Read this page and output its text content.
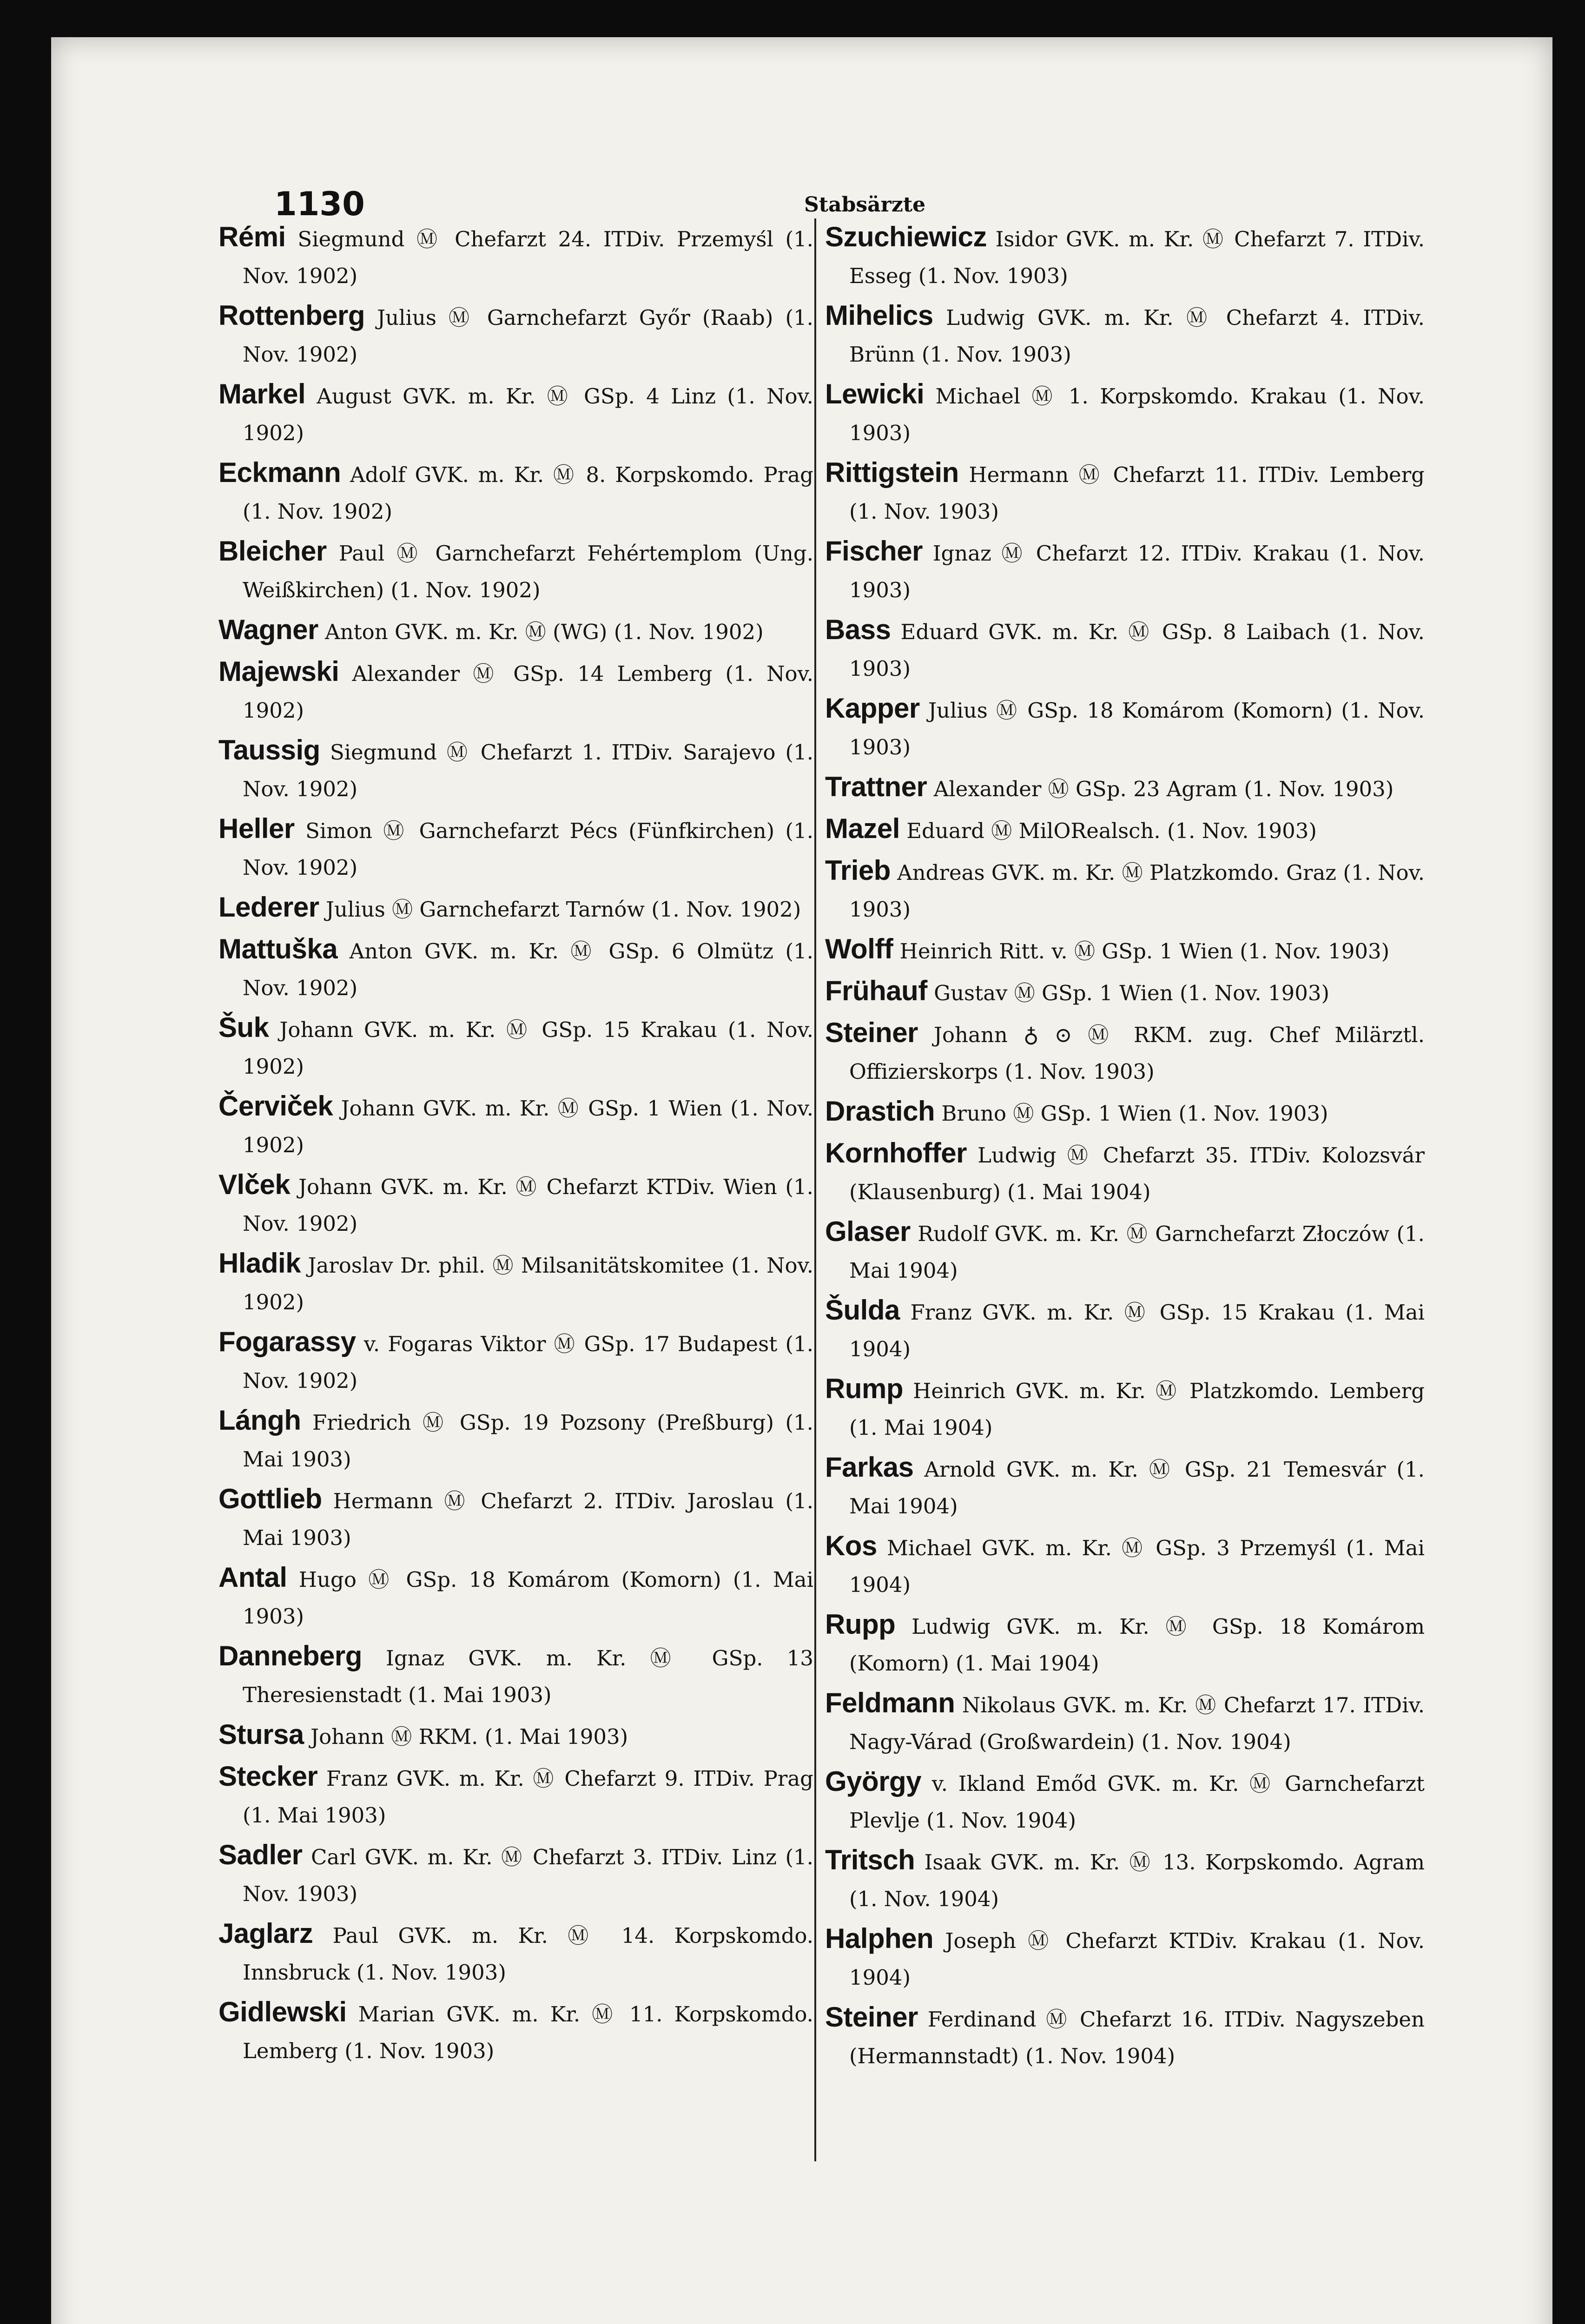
1130	Stabsärzte

Rémi Siegmund Ⓜ Chefarzt 24. ITDiv. Przemyśl (1. Nov. 1902)

Rottenberg Julius Ⓜ Garnchefarzt Győr (Raab) (1. Nov. 1902)

Markel August GVK. m. Kr. Ⓜ GSp. 4 Linz (1. Nov. 1902)

Eckmann Adolf GVK. m. Kr. Ⓜ 8. Korpskomdo. Prag (1. Nov. 1902)

Bleicher Paul Ⓜ Garnchefarzt Fehértemplom (Ung. Weißkirchen) (1. Nov. 1902)

Wagner Anton GVK. m. Kr. Ⓜ (WG) (1. Nov. 1902)

Majewski Alexander Ⓜ GSp. 14 Lemberg (1. Nov. 1902)

Taussig Siegmund Ⓜ Chefarzt 1. ITDiv. Sarajevo (1. Nov. 1902)

Heller Simon Ⓜ Garnchefarzt Pécs (Fünfkirchen) (1. Nov. 1902)

Lederer Julius Ⓜ Garnchefarzt Tarnów (1. Nov. 1902)

Mattuška Anton GVK. m. Kr. Ⓜ GSp. 6 Olmütz (1. Nov. 1902)

Šuk Johann GVK. m. Kr. Ⓜ GSp. 15 Krakau (1. Nov. 1902)

Červiček Johann GVK. m. Kr. Ⓜ GSp. 1 Wien (1. Nov. 1902)

Vlček Johann GVK. m. Kr. Ⓜ Chefarzt KTDiv. Wien (1. Nov. 1902)

Hladik Jaroslav Dr. phil. Ⓜ Milsanitätskomitee (1. Nov. 1902)

Fogarassy v. Fogaras Viktor Ⓜ GSp. 17 Budapest (1. Nov. 1902)

Lángh Friedrich Ⓜ GSp. 19 Pozsony (Preßburg) (1. Mai 1903)

Gottlieb Hermann Ⓜ Chefarzt 2. ITDiv. Jaroslau (1. Mai 1903)

Antal Hugo Ⓜ GSp. 18 Komárom (Komorn) (1. Mai 1903)

Danneberg Ignaz GVK. m. Kr. Ⓜ GSp. 13 Theresienstadt (1. Mai 1903)

Stursa Johann Ⓜ RKM. (1. Mai 1903)

Stecker Franz GVK. m. Kr. Ⓜ Chefarzt 9. ITDiv. Prag (1. Mai 1903)

Sadler Carl GVK. m. Kr. Ⓜ Chefarzt 3. ITDiv. Linz (1. Nov. 1903)

Jaglarz Paul GVK. m. Kr. Ⓜ 14. Korpskomdo. Innsbruck (1. Nov. 1903)

Gidlewski Marian GVK. m. Kr. Ⓜ 11. Korpskomdo. Lemberg (1. Nov. 1903)

Szuchiewicz Isidor GVK. m. Kr. Ⓜ Chefarzt 7. ITDiv. Esseg (1. Nov. 1903)

Mihelics Ludwig GVK. m. Kr. Ⓜ Chefarzt 4. ITDiv. Brünn (1. Nov. 1903)

Lewicki Michael Ⓜ 1. Korpskomdo. Krakau (1. Nov. 1903)

Rittigstein Hermann Ⓜ Chefarzt 11. ITDiv. Lemberg (1. Nov. 1903)

Fischer Ignaz Ⓜ Chefarzt 12. ITDiv. Krakau (1. Nov. 1903)

Bass Eduard GVK. m. Kr. Ⓜ GSp. 8 Laibach (1. Nov. 1903)

Kapper Julius Ⓜ GSp. 18 Komárom (Komorn) (1. Nov. 1903)

Trattner Alexander Ⓜ GSp. 23 Agram (1. Nov. 1903)

Mazel Eduard Ⓜ MilORealsch. (1. Nov. 1903)

Trieb Andreas GVK. m. Kr. Ⓜ Platzkomdo. Graz (1. Nov. 1903)

Wolff Heinrich Ritt. v. Ⓜ GSp. 1 Wien (1. Nov. 1903)

Frühauf Gustav Ⓜ GSp. 1 Wien (1. Nov. 1903)

Steiner Johann ♁ ⊙ Ⓜ RKM. zug. Chef Milärztl. Offizierskorps (1. Nov. 1903)

Drastich Bruno Ⓜ GSp. 1 Wien (1. Nov. 1903)

Kornhoffer Ludwig Ⓜ Chefarzt 35. ITDiv. Kolozsvár (Klausenburg) (1. Mai 1904)

Glaser Rudolf GVK. m. Kr. Ⓜ Garnchefarzt Złoczów (1. Mai 1904)

Šulda Franz GVK. m. Kr. Ⓜ GSp. 15 Krakau (1. Mai 1904)

Rump Heinrich GVK. m. Kr. Ⓜ Platzkomdo. Lemberg (1. Mai 1904)

Farkas Arnold GVK. m. Kr. Ⓜ GSp. 21 Temesvár (1. Mai 1904)

Kos Michael GVK. m. Kr. Ⓜ GSp. 3 Przemyśl (1. Mai 1904)

Rupp Ludwig GVK. m. Kr. Ⓜ GSp. 18 Komárom (Komorn) (1. Mai 1904)

Feldmann Nikolaus GVK. m. Kr. Ⓜ Chefarzt 17. ITDiv. Nagy-Várad (Großwardein) (1. Nov. 1904)

György v. Ikland Emőd GVK. m. Kr. Ⓜ Garnchefarzt Plevlje (1. Nov. 1904)

Tritsch Isaak GVK. m. Kr. Ⓜ 13. Korpskomdo. Agram (1. Nov. 1904)

Halphen Joseph Ⓜ Chefarzt KTDiv. Krakau (1. Nov. 1904)

Steiner Ferdinand Ⓜ Chefarzt 16. ITDiv. Nagyszeben (Hermannstadt) (1. Nov. 1904)
